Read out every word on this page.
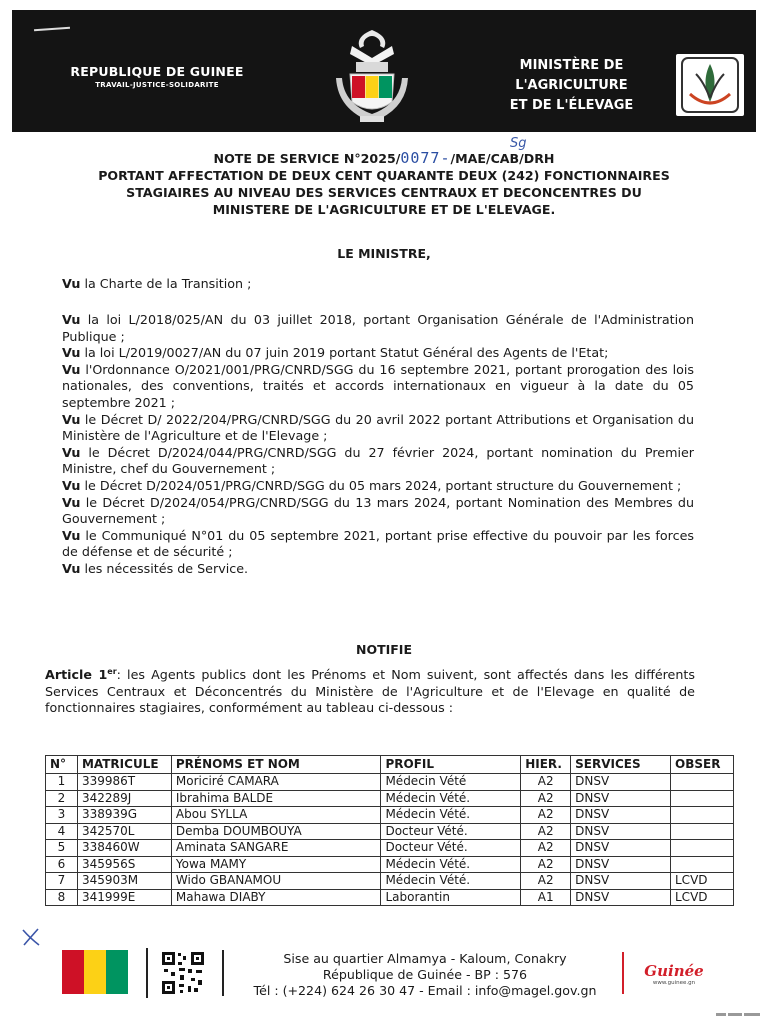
REPUBLIQUE DE GUINEE
TRAVAIL-JUSTICE-SOLIDARITE
MINISTÈRE DE L'AGRICULTURE
ET DE L'ÉLEVAGE
Sg
NOTE DE SERVICE N°2025/0077-/MAE/CAB/DRH
PORTANT AFFECTATION DE DEUX CENT QUARANTE DEUX (242) FONCTIONNAIRES
STAGIAIRES AU NIVEAU DES SERVICES CENTRAUX ET DECONCENTRES DU
MINISTERE DE L'AGRICULTURE ET DE L'ELEVAGE.
LE MINISTRE,
Vu la Charte de la Transition ;

Vu la loi L/2018/025/AN du 03 juillet 2018, portant Organisation Générale de l'Administration Publique ;

Vu la loi L/2019/0027/AN du 07 juin 2019 portant Statut Général des Agents de l'Etat;

Vu l'Ordonnance O/2021/001/PRG/CNRD/SGG du 16 septembre 2021, portant prorogation des lois nationales, des conventions, traités et accords internationaux en vigueur à la date du 05 septembre 2021 ;

Vu le Décret D/ 2022/204/PRG/CNRD/SGG du 20 avril 2022 portant Attributions et Organisation du Ministère de l'Agriculture et de l'Elevage ;

Vu le Décret D/2024/044/PRG/CNRD/SGG du 27 février 2024, portant nomination du Premier Ministre, chef du Gouvernement ;

Vu le Décret D/2024/051/PRG/CNRD/SGG du 05 mars 2024, portant structure du Gouvernement ;

Vu le Décret D/2024/054/PRG/CNRD/SGG du 13 mars 2024, portant Nomination des Membres du Gouvernement ;

Vu le Communiqué N°01 du 05 septembre 2021, portant prise effective du pouvoir par les forces de défense et de sécurité ;

Vu les nécessités de Service.

NOTIFIE
Article 1er: les Agents publics dont les Prénoms et Nom suivent, sont affectés dans les différents Services Centraux et Déconcentrés du Ministère de l'Agriculture et de l'Elevage en qualité de fonctionnaires stagiaires, conformément au tableau ci-dessous :
N°	MATRICULE	PRÉNOMS ET NOM	PROFIL	HIER.	SERVICES	OBSER
1	339986T	Moriciré CAMARA	Médecin Vété	A2	DNSV	
2	342289J	Ibrahima BALDE	Médecin Vété.	A2	DNSV	
3	338939G	Abou SYLLA	Médecin Vété.	A2	DNSV	
4	342570L	Demba DOUMBOUYA	Docteur Vété.	A2	DNSV	
5	338460W	Aminata SANGARE	Docteur Vété.	A2	DNSV	
6	345956S	Yowa MAMY	Médecin Vété.	A2	DNSV	
7	345903M	Wido GBANAMOU	Médecin Vété.	A2	DNSV	LCVD
8	341999E	Mahawa DIABY	Laborantin	A1	DNSV	LCVD
Sise au quartier Almamya - Kaloum, Conakry
République de Guinée - BP : 576
Tél : (+224) 624 26 30 47 - Email : info@magel.gov.gn
Guinée
www.guinee.gn
